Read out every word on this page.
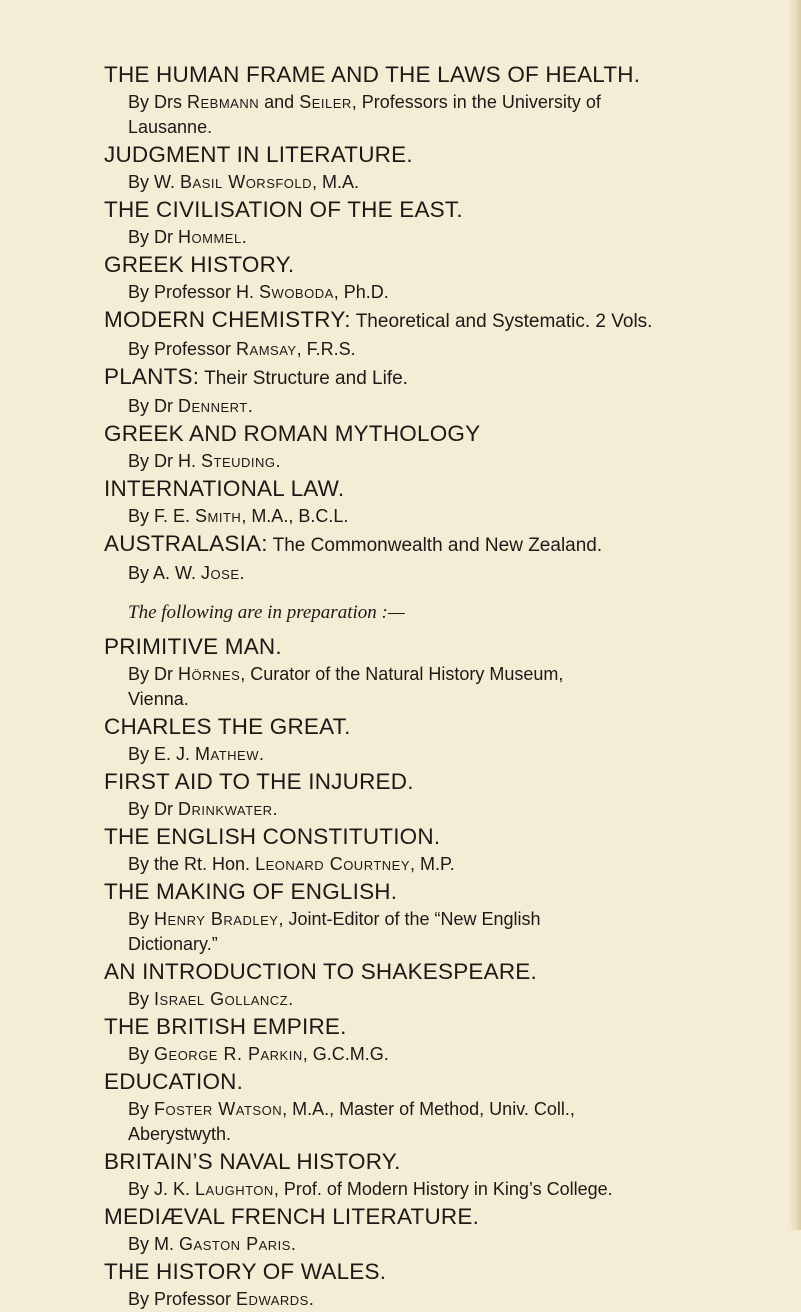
THE HUMAN FRAME AND THE LAWS OF HEALTH.
By Drs Rebmann and Seiler, Professors in the University of
Lausanne.
JUDGMENT IN LITERATURE.
By W. Basil Worsfold, M.A.
THE CIVILISATION OF THE EAST.
By Dr Hommel.
GREEK HISTORY.
By Professor H. Swoboda, Ph.D.
MODERN CHEMISTRY: Theoretical and Systematic. 2 Vols.
By Professor Ramsay, F.R.S.
PLANTS: Their Structure and Life.
By Dr Dennert.
GREEK AND ROMAN MYTHOLOGY
By Dr H. Steuding.
INTERNATIONAL LAW.
By F. E. Smith, M.A., B.C.L.
AUSTRALASIA: The Commonwealth and New Zealand.
By A. W. Jose.
The following are in preparation :—
PRIMITIVE MAN.
By Dr Hörnes, Curator of the Natural History Museum,
Vienna.
CHARLES THE GREAT.
By E. J. Mathew.
FIRST AID TO THE INJURED.
By Dr Drinkwater.
THE ENGLISH CONSTITUTION.
By the Rt. Hon. Leonard Courtney, M.P.
THE MAKING OF ENGLISH.
By Henry Bradley, Joint-Editor of the “New English
Dictionary.”
AN INTRODUCTION TO SHAKESPEARE.
By Israel Gollancz.
THE BRITISH EMPIRE.
By George R. Parkin, G.C.M.G.
EDUCATION.
By Foster Watson, M.A., Master of Method, Univ. Coll.,
Aberystwyth.
BRITAIN’S NAVAL HISTORY.
By J. K. Laughton, Prof. of Modern History in King’s College.
MEDIÆVAL FRENCH LITERATURE.
By M. Gaston Paris.
THE HISTORY OF WALES.
By Professor Edwards.
